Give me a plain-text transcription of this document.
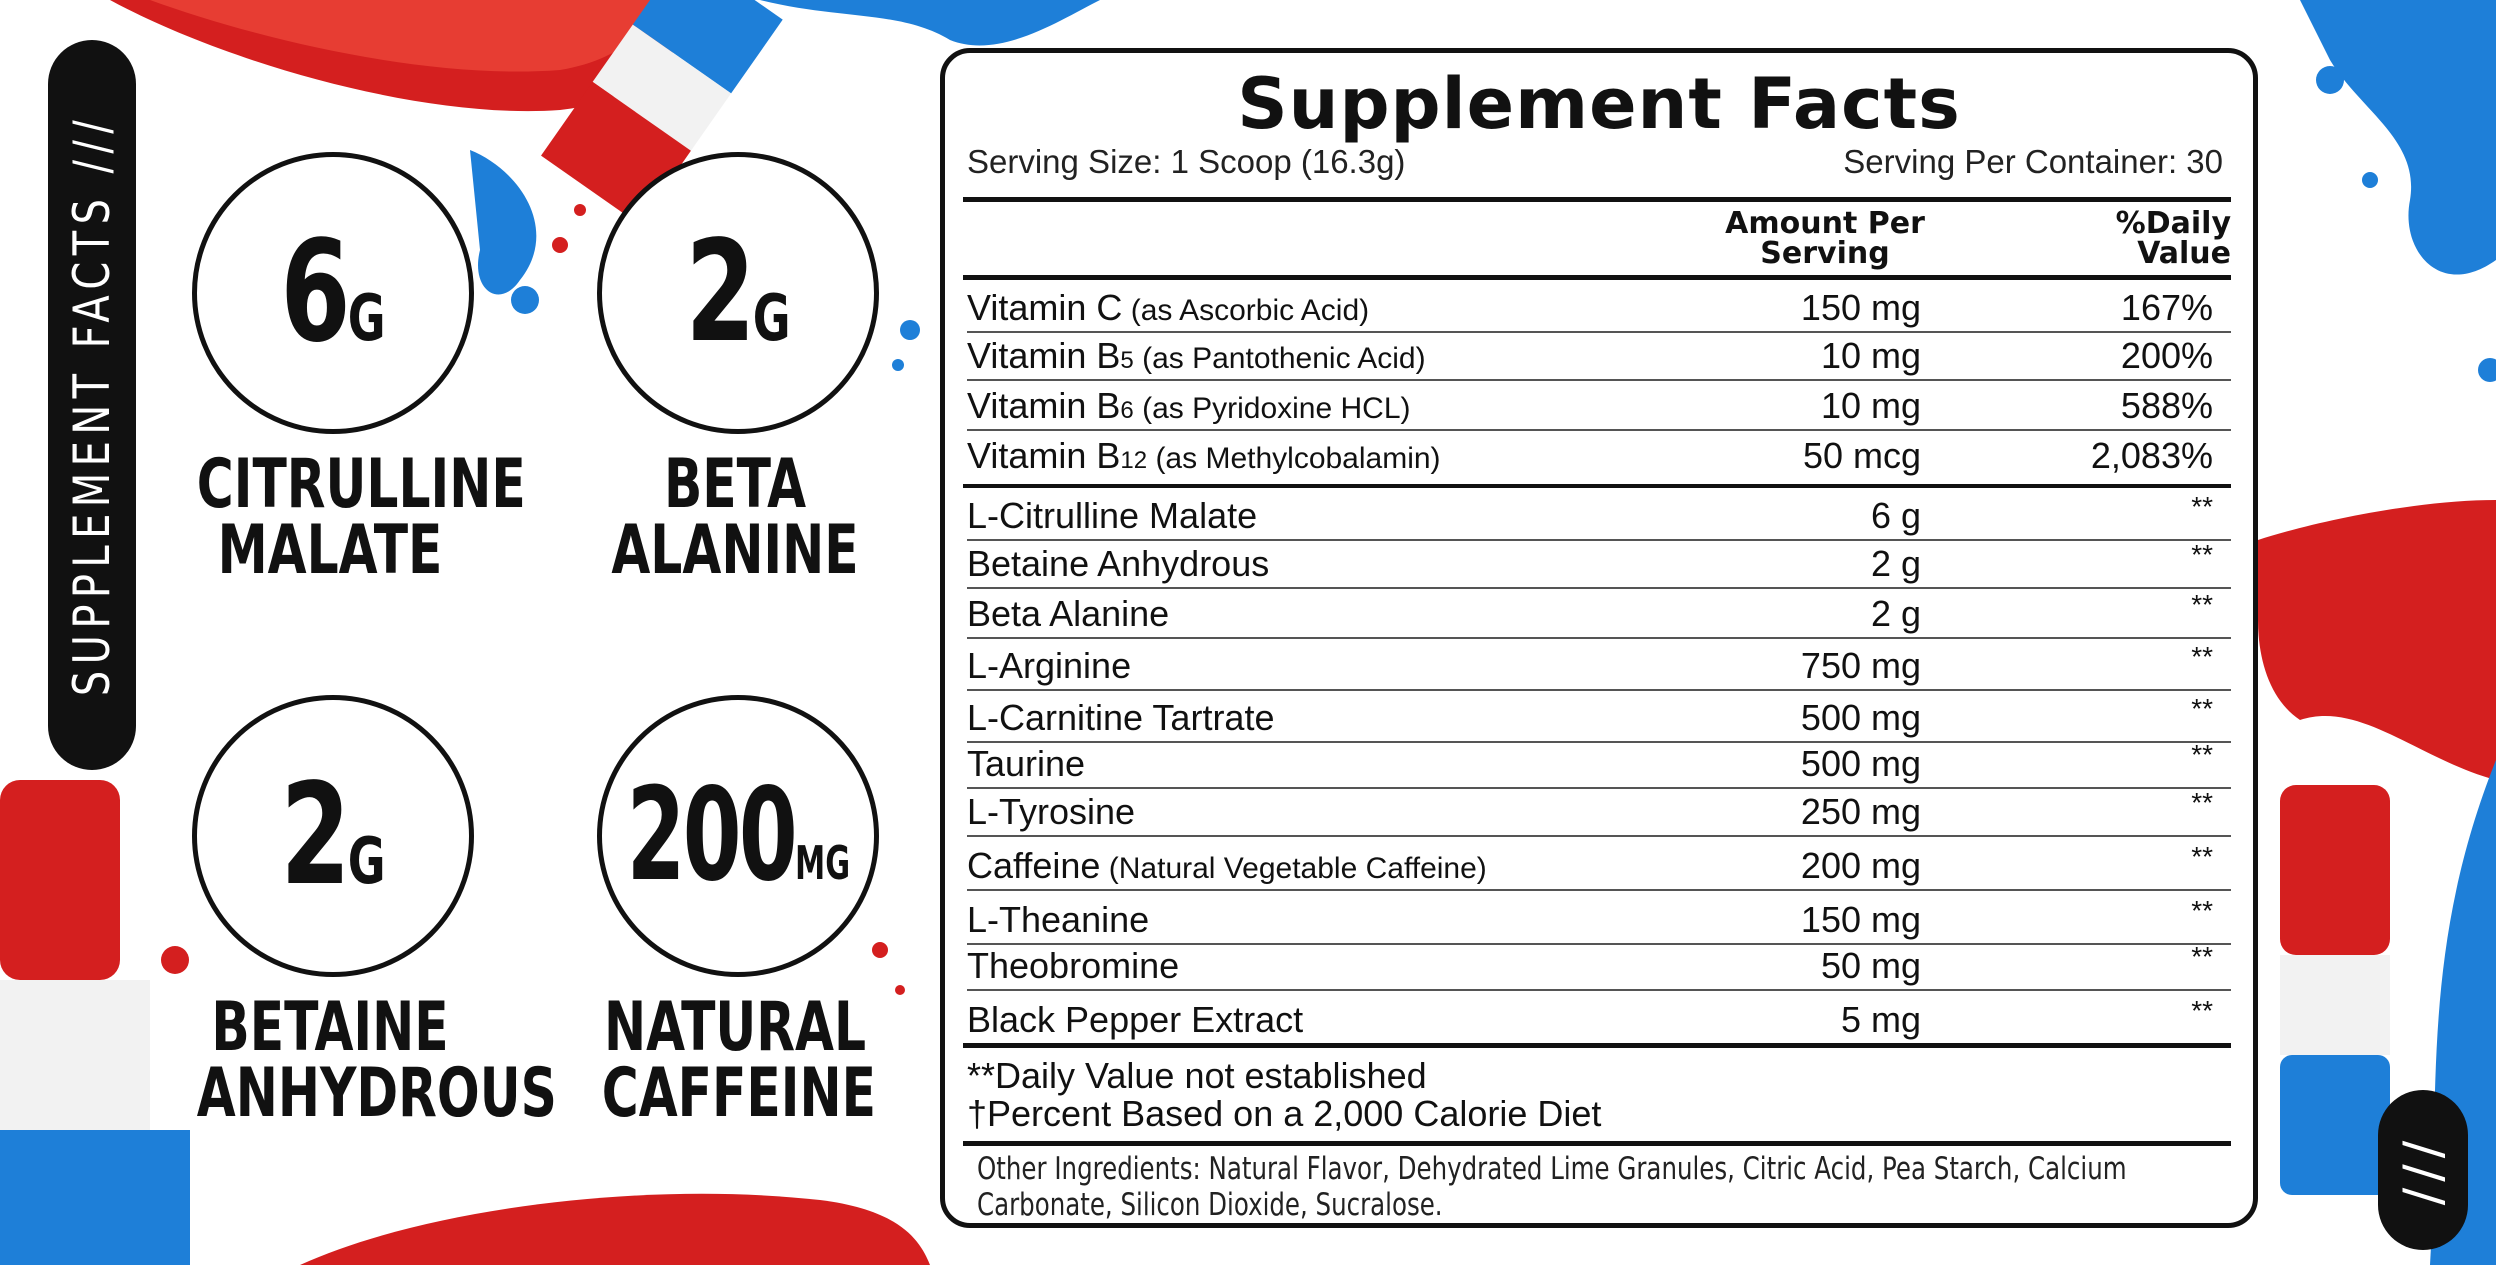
SUPPLEMENT FACTS ///
///
6G
CITRULLINE
MALATE
2G
BETA
ALANINE
2G
BETAINE
ANHYDROUS
200MG
NATURAL
CAFFEINE
Supplement Facts
Serving Size: 1 Scoop (16.3g)	Serving Per Container: 30
Amount Per
Serving
%Daily
Value
Vitamin C (as Ascorbic Acid)	150 mg	167%
Vitamin B5 (as Pantothenic Acid)	10 mg	200%
Vitamin B6 (as Pyridoxine HCL)	10 mg	588%
Vitamin B12 (as Methylcobalamin)	50 mcg	2,083%
L-Citrulline Malate	6 g	**
Betaine Anhydrous	2 g	**
Beta Alanine	2 g	**
L-Arginine	750 mg	**
L-Carnitine Tartrate	500 mg	**
Taurine	500 mg	**
L-Tyrosine	250 mg	**
Caffeine (Natural Vegetable Caffeine)	200 mg	**
L-Theanine	150 mg	**
Theobromine	50 mg	**
Black Pepper Extract	5 mg	**
**Daily Value not established
†Percent Based on a 2,000 Calorie Diet
Other Ingredients: Natural Flavor, Dehydrated Lime Granules, Citric Acid, Pea Starch, Calcium Carbonate, Silicon Dioxide, Sucralose.
